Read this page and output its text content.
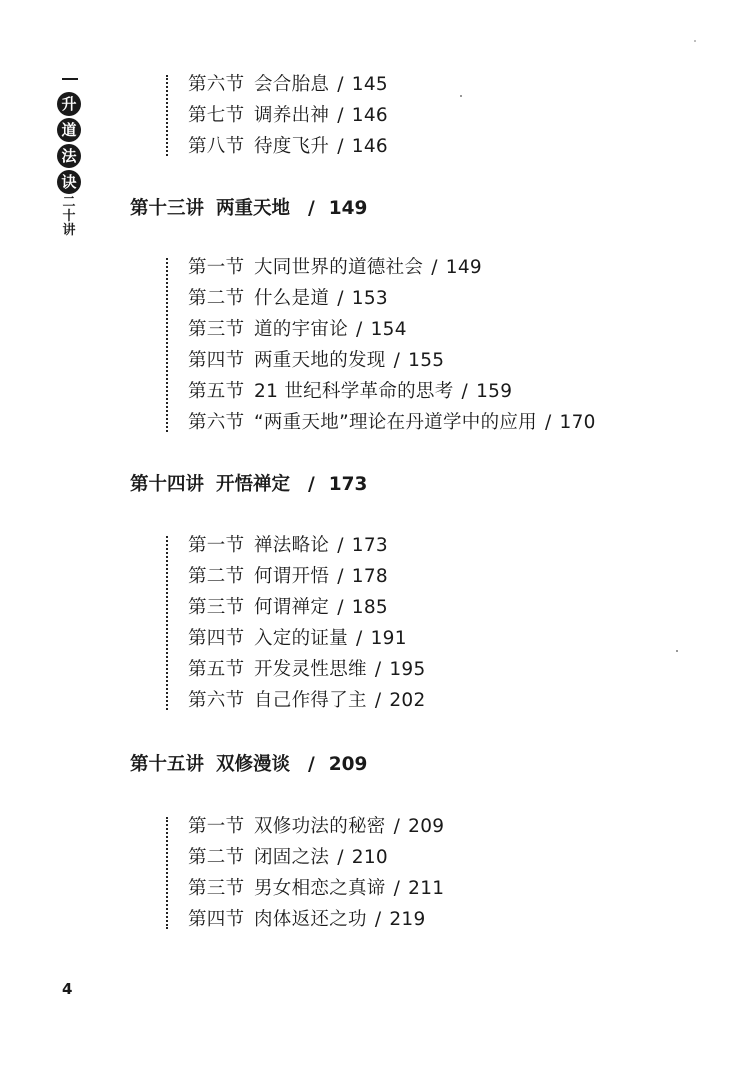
升
道
法
诀
二
十
讲
第六节 会合胎息 / 145
第七节 调养出神 / 146
第八节 待度飞升 / 146
第十三讲 两重天地 / 149
第一节 大同世界的道德社会 / 149
第二节 什么是道 / 153
第三节 道的宇宙论 / 154
第四节 两重天地的发现 / 155
第五节 21 世纪科学革命的思考 / 159
第六节 “两重天地”理论在丹道学中的应用 / 170
第十四讲 开悟禅定 / 173
第一节 禅法略论 / 173
第二节 何谓开悟 / 178
第三节 何谓禅定 / 185
第四节 入定的证量 / 191
第五节 开发灵性思维 / 195
第六节 自己作得了主 / 202
第十五讲 双修漫谈 / 209
第一节 双修功法的秘密 / 209
第二节 闭固之法 / 210
第三节 男女相恋之真谛 / 211
第四节 肉体返还之功 / 219
4
